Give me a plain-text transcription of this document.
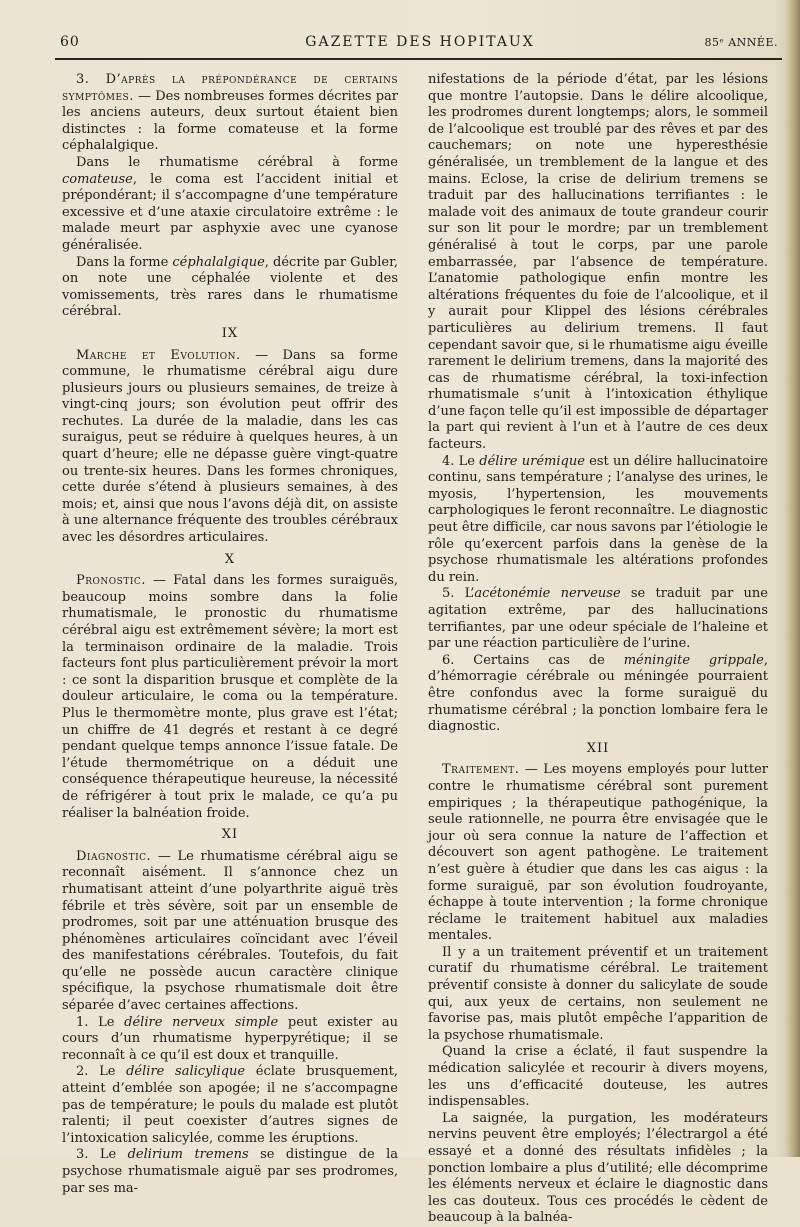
60	GAZETTE DES HOPITAUX	85ᵉ ANNÉE.

3. D’après la prépondérance de certains symptômes. — Des nombreuses formes décrites par les anciens auteurs, deux surtout étaient bien distinctes : la forme comateuse et la forme céphalalgique.

Dans le rhumatisme cérébral à forme comateuse, le coma est l’accident initial et prépondérant; il s’accompagne d’une température excessive et d’une ataxie circulatoire extrême : le malade meurt par asphyxie avec une cyanose généralisée.

Dans la forme céphalalgique, décrite par Gubler, on note une céphalée violente et des vomissements, très rares dans le rhumatisme cérébral.

IX

Marche et Evolution. — Dans sa forme commune, le rhumatisme cérébral aigu dure plusieurs jours ou plusieurs semaines, de treize à vingt-cinq jours; son évolution peut offrir des rechutes. La durée de la maladie, dans les cas suraigus, peut se réduire à quelques heures, à un quart d’heure; elle ne dépasse guère vingt-quatre ou trente-six heures. Dans les formes chroniques, cette durée s’étend à plusieurs semaines, à des mois; et, ainsi que nous l’avons déjà dit, on assiste à une alternance fréquente des troubles cérébraux avec les désordres articulaires.

X

Pronostic. — Fatal dans les formes suraiguës, beaucoup moins sombre dans la folie rhumatismale, le pronostic du rhumatisme cérébral aigu est extrêmement sévère; la mort est la terminaison ordinaire de la maladie. Trois facteurs font plus particulièrement prévoir la mort : ce sont la disparition brusque et complète de la douleur articulaire, le coma ou la température. Plus le thermomètre monte, plus grave est l’état; un chiffre de 41 degrés et restant à ce degré pendant quelque temps annonce l’issue fatale. De l’étude thermométrique on a déduit une conséquence thérapeutique heureuse, la nécessité de réfrigérer à tout prix le malade, ce qu’a pu réaliser la balnéation froide.

XI

Diagnostic. — Le rhumatisme cérébral aigu se reconnaît aisément. Il s’annonce chez un rhumatisant atteint d’une polyarthrite aiguë très fébrile et très sévère, soit par un ensemble de prodromes, soit par une atténuation brusque des phénomènes articulaires coïncidant avec l’éveil des manifestations cérébrales. Toutefois, du fait qu’elle ne possède aucun caractère clinique spécifique, la psychose rhumatismale doit être séparée d’avec certaines affections.

1. Le délire nerveux simple peut exister au cours d’un rhumatisme hyperpyrétique; il se reconnaît à ce qu’il est doux et tranquille.

2. Le délire salicylique éclate brusquement, atteint d’emblée son apogée; il ne s’accompagne pas de température; le pouls du malade est plutôt ralenti; il peut coexister d’autres signes de l’intoxication salicylée, comme les éruptions.

3. Le delirium tremens se distingue de la psychose rhumatismale aiguë par ses prodromes, par ses ma-

nifestations de la période d’état, par les lésions que montre l’autopsie. Dans le délire alcoolique, les prodromes durent longtemps; alors, le sommeil de l’alcoolique est troublé par des rêves et par des cauchemars; on note une hyperesthésie généralisée, un tremblement de la langue et des mains. Eclose, la crise de delirium tremens se traduit par des hallucinations terrifiantes : le malade voit des animaux de toute grandeur courir sur son lit pour le mordre; par un tremblement généralisé à tout le corps, par une parole embarrassée, par l’absence de température. L’anatomie pathologique enfin montre les altérations fréquentes du foie de l’alcoolique, et il y aurait pour Klippel des lésions cérébrales particulières au delirium tremens. Il faut cependant savoir que, si le rhumatisme aigu éveille rarement le delirium tremens, dans la majorité des cas de rhumatisme cérébral, la toxi-infection rhumatismale s’unit à l’intoxication éthylique d’une façon telle qu’il est impossible de départager la part qui revient à l’un et à l’autre de ces deux facteurs.

4. Le délire urémique est un délire hallucinatoire continu, sans température ; l’analyse des urines, le myosis, l’hypertension, les mouvements carphologiques le feront reconnaître. Le diagnostic peut être difficile, car nous savons par l’étiologie le rôle qu’exercent parfois dans la genèse de la psychose rhumatismale les altérations profondes du rein.

5. L’acétonémie nerveuse se traduit par une agitation extrême, par des hallucinations terrifiantes, par une odeur spéciale de l’haleine et par une réaction particulière de l’urine.

6. Certains cas de méningite grippale, d’hémorragie cérébrale ou méningée pourraient être confondus avec la forme suraiguë du rhumatisme cérébral ; la ponction lombaire fera le diagnostic.

XII

Traitement. — Les moyens employés pour lutter contre le rhumatisme cérébral sont purement empiriques ; la thérapeutique pathogénique, la seule rationnelle, ne pourra être envisagée que le jour où sera connue la nature de l’affection et découvert son agent pathogène. Le traitement n’est guère à étudier que dans les cas aigus : la forme suraiguë, par son évolution foudroyante, échappe à toute intervention ; la forme chronique réclame le traitement habituel aux maladies mentales.

Il y a un traitement préventif et un traitement curatif du rhumatisme cérébral. Le traitement préventif consiste à donner du salicylate de soude qui, aux yeux de certains, non seulement ne favorise pas, mais plutôt empêche l’apparition de la psychose rhumatismale.

Quand la crise a éclaté, il faut suspendre la médication salicylée et recourir à divers moyens, les uns d’efficacité douteuse, les autres indispensables.

La saignée, la purgation, les modérateurs nervins peuvent être employés; l’électrargol a été essayé et a donné des résultats infidèles ; la ponction lombaire a plus d’utilité; elle décomprime les éléments nerveux et éclaire le diagnostic dans les cas douteux. Tous ces procédés le cèdent de beaucoup à la balnéa-
